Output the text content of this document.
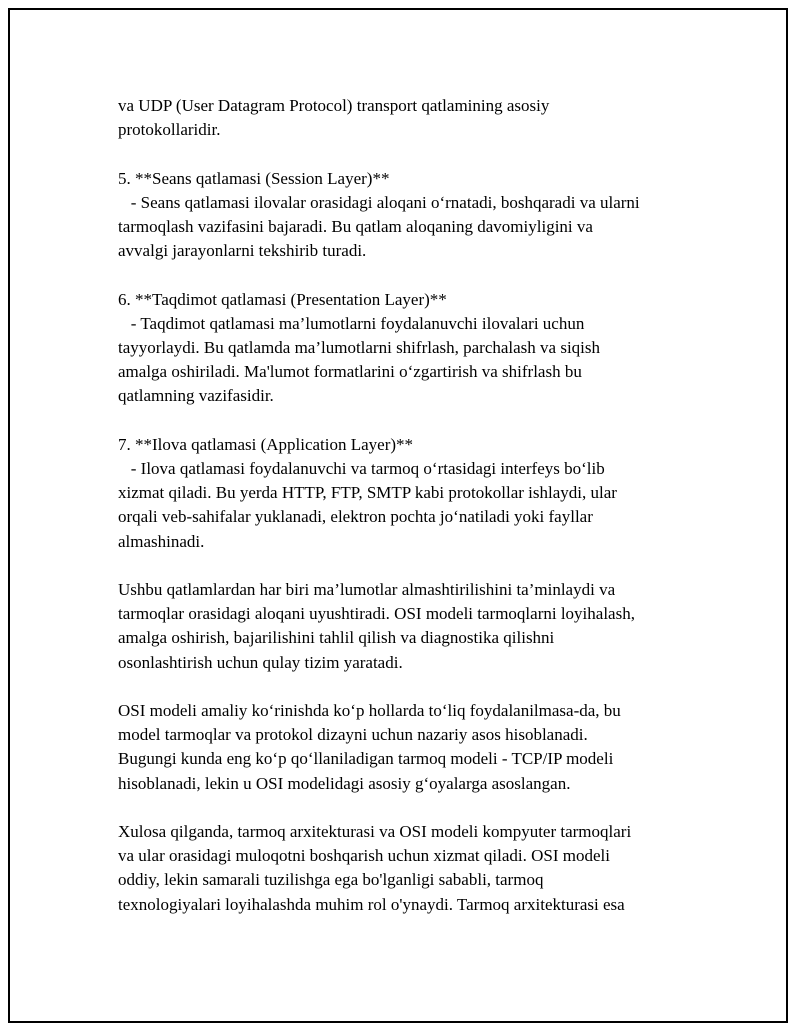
va UDP (User Datagram Protocol) transport qatlamining asosiy
protokollaridir.
5. **Seans qatlamasi (Session Layer)**
- Seans qatlamasi ilovalar orasidagi aloqani o‘rnatadi, boshqaradi va ularni
tarmoqlash vazifasini bajaradi. Bu qatlam aloqaning davomiyligini va
avvalgi jarayonlarni tekshirib turadi.
6. **Taqdimot qatlamasi (Presentation Layer)**
- Taqdimot qatlamasi ma’lumotlarni foydalanuvchi ilovalari uchun
tayyorlaydi. Bu qatlamda ma’lumotlarni shifrlash, parchalash va siqish
amalga oshiriladi. Ma'lumot formatlarini o‘zgartirish va shifrlash bu
qatlamning vazifasidir.
7. **Ilova qatlamasi (Application Layer)**
- Ilova qatlamasi foydalanuvchi va tarmoq o‘rtasidagi interfeys bo‘lib
xizmat qiladi. Bu yerda HTTP, FTP, SMTP kabi protokollar ishlaydi, ular
orqali veb-sahifalar yuklanadi, elektron pochta jo‘natiladi yoki fayllar
almashinadi.
Ushbu qatlamlardan har biri ma’lumotlar almashtirilishini ta’minlaydi va
tarmoqlar orasidagi aloqani uyushtiradi. OSI modeli tarmoqlarni loyihalash,
amalga oshirish, bajarilishini tahlil qilish va diagnostika qilishni
osonlashtirish uchun qulay tizim yaratadi.
OSI modeli amaliy ko‘rinishda ko‘p hollarda to‘liq foydalanilmasa-da, bu
model tarmoqlar va protokol dizayni uchun nazariy asos hisoblanadi.
Bugungi kunda eng ko‘p qo‘llaniladigan tarmoq modeli - TCP/IP modeli
hisoblanadi, lekin u OSI modelidagi asosiy g‘oyalarga asoslangan.
Xulosa qilganda, tarmoq arxitekturasi va OSI modeli kompyuter tarmoqlari
va ular orasidagi muloqotni boshqarish uchun xizmat qiladi. OSI modeli
oddiy, lekin samarali tuzilishga ega bo'lganligi sababli, tarmoq
texnologiyalari loyihalashda muhim rol o'ynaydi. Tarmoq arxitekturasi esa
